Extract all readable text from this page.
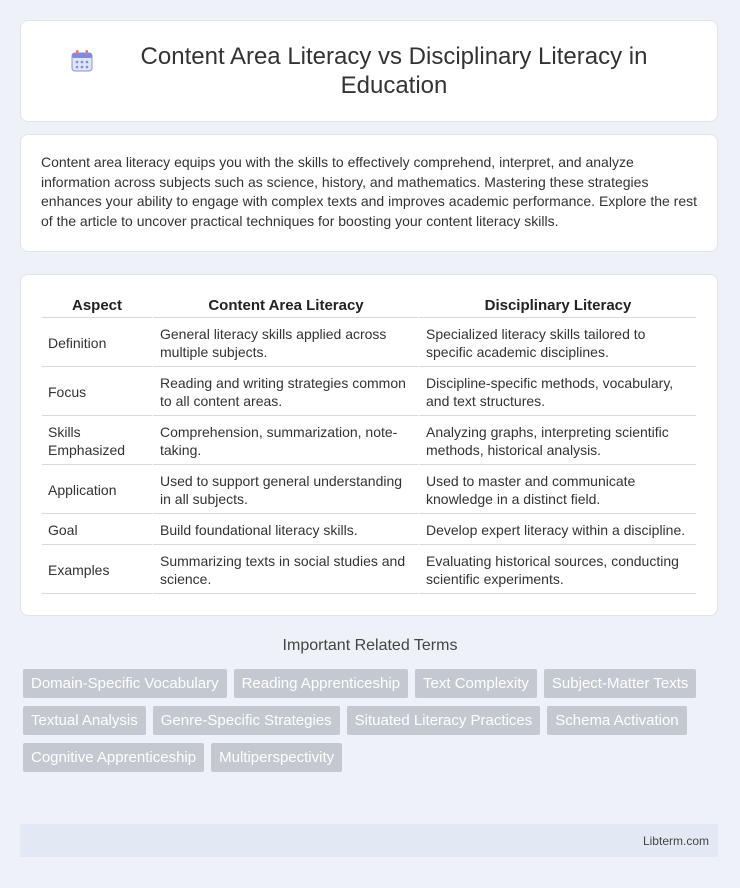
Content Area Literacy vs Disciplinary Literacy in Education

Content area literacy equips you with the skills to effectively comprehend, interpret, and analyze information across subjects such as science, history, and mathematics. Mastering these strategies enhances your ability to engage with complex texts and improves academic performance. Explore the rest of the article to uncover practical techniques for boosting your content literacy skills.

Aspect	Content Area Literacy	Disciplinary Literacy
Definition	General literacy skills applied across multiple subjects.	Specialized literacy skills tailored to specific academic disciplines.
Focus	Reading and writing strategies common to all content areas.	Discipline-specific methods, vocabulary, and text structures.
Skills Emphasized	Comprehension, summarization, note-taking.	Analyzing graphs, interpreting scientific methods, historical analysis.
Application	Used to support general understanding in all subjects.	Used to master and communicate knowledge in a distinct field.
Goal	Build foundational literacy skills.	Develop expert literacy within a discipline.
Examples	Summarizing texts in social studies and science.	Evaluating historical sources, conducting scientific experiments.
Important Related Terms
Domain-Specific Vocabulary	Reading Apprenticeship	Text Complexity	Subject-Matter Texts
Textual Analysis	Genre-Specific Strategies	Situated Literacy Practices	Schema Activation
Cognitive Apprenticeship	Multiperspectivity
Libterm.com
